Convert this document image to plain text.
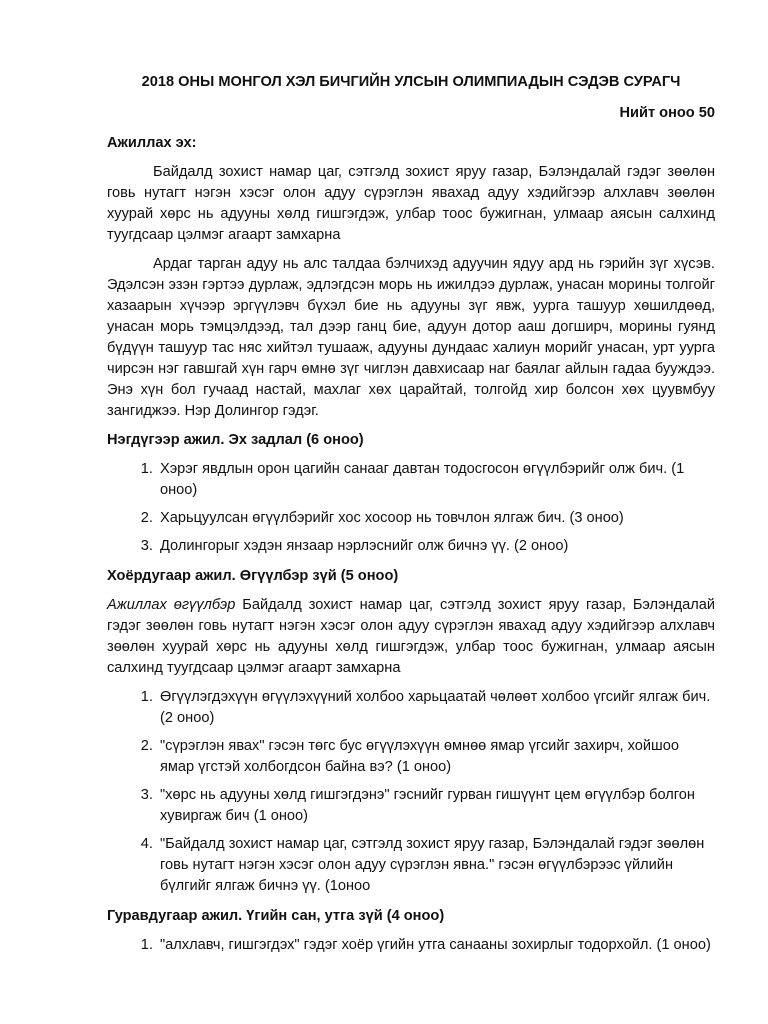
2018 ОНЫ МОНГОЛ ХЭЛ БИЧГИЙН УЛСЫН ОЛИМПИАДЫН СЭДЭВ СУРАГЧ
Нийт оноо 50
Ажиллах эх:

Байдалд зохист намар цаг, сэтгэлд зохист яруу газар, Бэлэндалай гэдэг зөөлөн говь нутагт нэгэн хэсэг олон адуу сүрэглэн явахад адуу хэдийгээр алхлавч зөөлөн хуурай хөрс нь адууны хөлд гишгэгдэж, улбар тоос бужигнан, улмаар аясын салхинд туугдсаар цэлмэг агаарт замхарна

Ардаг тарган адуу нь алс талдаа бэлчихэд адуучин ядуу ард нь гэрийн зүг хүсэв. Эдэлсэн эзэн гэртээ дурлаж, эдлэгдсэн морь нь ижилдээ дурлаж, унасан морины толгойг хазаарын хүчээр эргүүлэвч бүхэл бие нь адууны зүг явж, уурга ташуур хөшилдөөд, унасан морь тэмцэлдээд, тал дээр ганц бие, адуун дотор ааш догширч, морины гуянд бүдүүн ташуур тас няс хийтэл тушааж, адууны дундаас халиун морийг унасан, урт уурга чирсэн нэг гавшгай хүн гарч өмнө зүг чиглэн давхисаар наг баялаг айлын гадаа бууждээ. Энэ хүн бол гучаад настай, махлаг хөх царайтай, толгойд хир болсон хөх цуувмбуу зангиджээ. Нэр Долингор гэдэг.

Нэгдүгээр ажил. Эх задлал (6 оноо)
1. Хэрэг явдлын орон цагийн санааг давтан тодосгосон өгүүлбэрийг олж бич. (1 оноо)
2. Харьцуулсан өгүүлбэрийг хос хосоор нь товчлон ялгаж бич. (3 оноо)
3. Долингорыг хэдэн янзаар нэрлэснийг олж бичнэ үү. (2 оноо)
Хоёрдугаар ажил. Өгүүлбэр зүй (5 оноо)

Ажиллах өгүүлбэр Байдалд зохист намар цаг, сэтгэлд зохист яруу газар, Бэлэндалай гэдэг зөөлөн говь нутагт нэгэн хэсэг олон адуу сүрэглэн явахад адуу хэдийгээр алхлавч зөөлөн хуурай хөрс нь адууны хөлд гишгэгдэж, улбар тоос бужигнан, улмаар аясын салхинд туугдсаар цэлмэг агаарт замхарна

1. Өгүүлэгдэхүүн өгүүлэхүүний холбоо харьцаатай чөлөөт холбоо үгсийг ялгаж бич. (2 оноо)
2. "сүрэглэн явах" гэсэн төгс бус өгүүлэхүүн өмнөө ямар үгсийг захирч, хойшоо ямар үгстэй холбогдсон байна вэ? (1 оноо)
3. "хөрс нь адууны хөлд гишгэгдэнэ" гэснийг гурван гишүүнт цем өгүүлбэр болгон хувиргаж бич (1 оноо)
4. "Байдалд зохист намар цаг, сэтгэлд зохист яруу газар, Бэлэндалай гэдэг зөөлөн говь нутагт нэгэн хэсэг олон адуу сүрэглэн явна." гэсэн өгүүлбэрээс үйлийн бүлгийг ялгаж бичнэ үү. (1оноо
Гуравдугаар ажил. Үгийн сан, утга зүй (4 оноо)
1. "алхлавч, гишгэгдэх" гэдэг хоёр үгийн утга санааны зохирлыг тодорхойл. (1 оноо)
